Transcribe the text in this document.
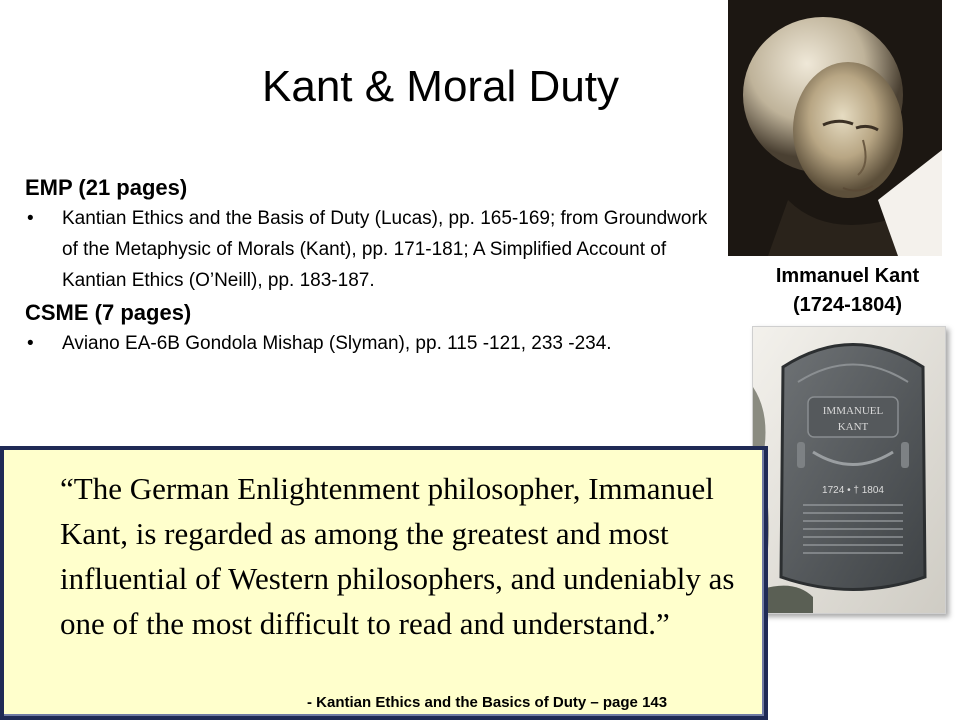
Kant & Moral Duty

EMP (21 pages)

• Kantian Ethics and the Basis of Duty (Lucas), pp. 165-169; from Groundwork of the Metaphysic of Morals (Kant), pp. 171-181; A Simplified Account of Kantian Ethics (O’Neill), pp. 183-187.

CSME (7 pages)

• Aviano EA-6B Gondola Mishap (Slyman), pp. 115 -121, 233 -234.
Immanuel Kant
(1724-1804)
IMMANUEL
KANT
1724 • † 1804
“The German Enlightenment philosopher, Immanuel Kant, is regarded as among the greatest and most influential of Western philosophers, and undeniably as one of the most difficult to read and understand.”
- Kantian Ethics and the Basics of Duty – page 143
